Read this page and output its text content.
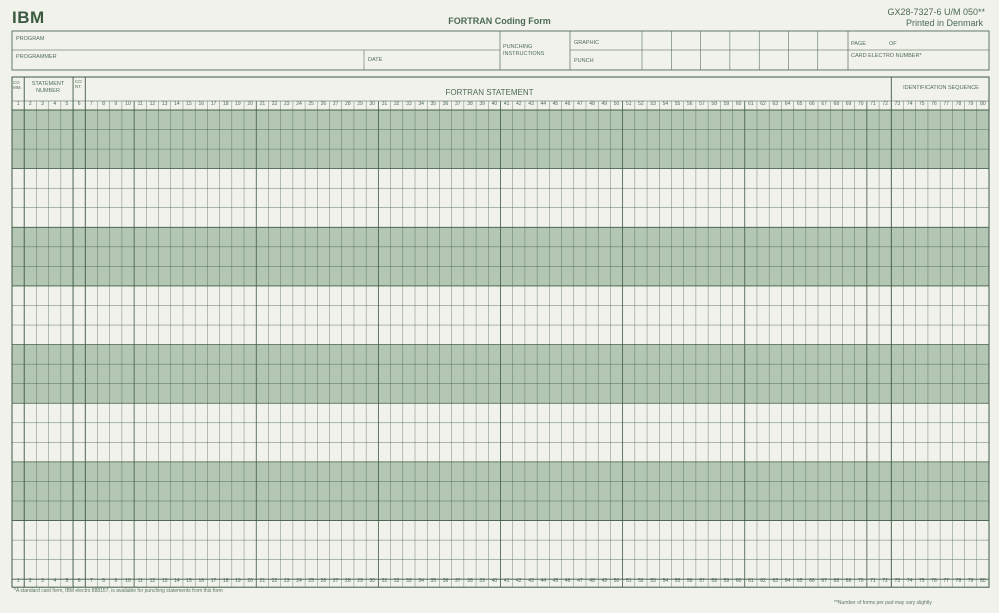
IBM	FORTRAN Coding Form
GX28-7327-6 U/M 050**
Printed in Denmark
PROGRAM
PROGRAMMER	DATE
PUNCHING INSTRUCTIONS
GRAPHIC
PUNCH
PAGE	OF
CARD ELECTRO NUMBER*
COMM.
STATEMENT NUMBER
CONT.
FORTRAN STATEMENT	IDENTIFICATION SEQUENCE
1	2	3	4	5	6	7	8	9	10	11	12	13	14	15	16	17	18	19	20	21	22	23	24	25	26	27	28	29	30	31	32	33	34	35	36	37	38	39	40	41	42	43	44	45	46	47	48	49	50	51	52	53	54	55	56	57	58	59	60	61	62	63	64	65	66	67	68	69	70	71	72	73	74	75	76	77	78	79	80
1	2	3	4	5	6	7	8	9	10	11	12	13	14	15	16	17	18	19	20	21	22	23	24	25	26	27	28	29	30	31	32	33	34	35	36	37	38	39	40	41	42	43	44	45	46	47	48	49	50	51	52	53	54	55	56	57	58	59	60	61	62	63	64	65	66	67	68	69	70	71	72	73	74	75	76	77	78	79	80
*A standard card form, IBM electro 888157, is available for punching statements from this form
**Number of forms per pad may vary slightly
